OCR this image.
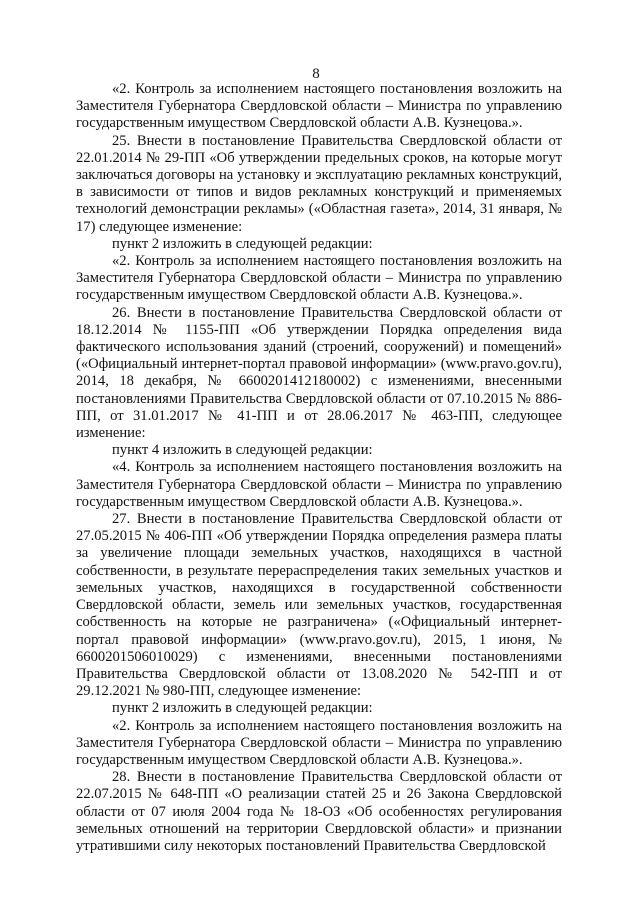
8

«2. Контроль за исполнением настоящего постановления возложить на Заместителя Губернатора Свердловской области – Министра по управлению государственным имуществом Свердловской области А.В. Кузнецова.».

25. Внести в постановление Правительства Свердловской области от 22.01.2014 № 29-ПП «Об утверждении предельных сроков, на которые могут заключаться договоры на установку и эксплуатацию рекламных конструкций, в зависимости от типов и видов рекламных конструкций и применяемых технологий демонстрации рекламы» («Областная газета», 2014, 31 января, № 17) следующее изменение:

пункт 2 изложить в следующей редакции:

«2. Контроль за исполнением настоящего постановления возложить на Заместителя Губернатора Свердловской области – Министра по управлению государственным имуществом Свердловской области А.В. Кузнецова.».

26. Внести в постановление Правительства Свердловской области от 18.12.2014 № 1155-ПП «Об утверждении Порядка определения вида фактического использования зданий (строений, сооружений) и помещений» («Официальный интернет-портал правовой информации» (www.pravo.gov.ru), 2014, 18 декабря, № 6600201412180002) с изменениями, внесенными постановлениями Правительства Свердловской области от 07.10.2015 № 886-ПП, от 31.01.2017 № 41-ПП и от 28.06.2017 № 463-ПП, следующее изменение:

пункт 4 изложить в следующей редакции:

«4. Контроль за исполнением настоящего постановления возложить на Заместителя Губернатора Свердловской области – Министра по управлению государственным имуществом Свердловской области А.В. Кузнецова.».

27. Внести в постановление Правительства Свердловской области от 27.05.2015 № 406-ПП «Об утверждении Порядка определения размера платы за увеличение площади земельных участков, находящихся в частной собственности, в результате перераспределения таких земельных участков и земельных участков, находящихся в государственной собственности Свердловской области, земель или земельных участков, государственная собственность на которые не разграничена» («Официальный интернет-портал правовой информации» (www.pravo.gov.ru), 2015, 1 июня, № 6600201506010029) с изменениями, внесенными постановлениями Правительства Свердловской области от 13.08.2020 № 542-ПП и от 29.12.2021 № 980-ПП, следующее изменение:

пункт 2 изложить в следующей редакции:

«2. Контроль за исполнением настоящего постановления возложить на Заместителя Губернатора Свердловской области – Министра по управлению государственным имуществом Свердловской области А.В. Кузнецова.».

28. Внести в постановление Правительства Свердловской области от 22.07.2015 № 648-ПП «О реализации статей 25 и 26 Закона Свердловской области от 07 июля 2004 года № 18-ОЗ «Об особенностях регулирования земельных отношений на территории Свердловской области» и признании утратившими силу некоторых постановлений Правительства Свердловской
